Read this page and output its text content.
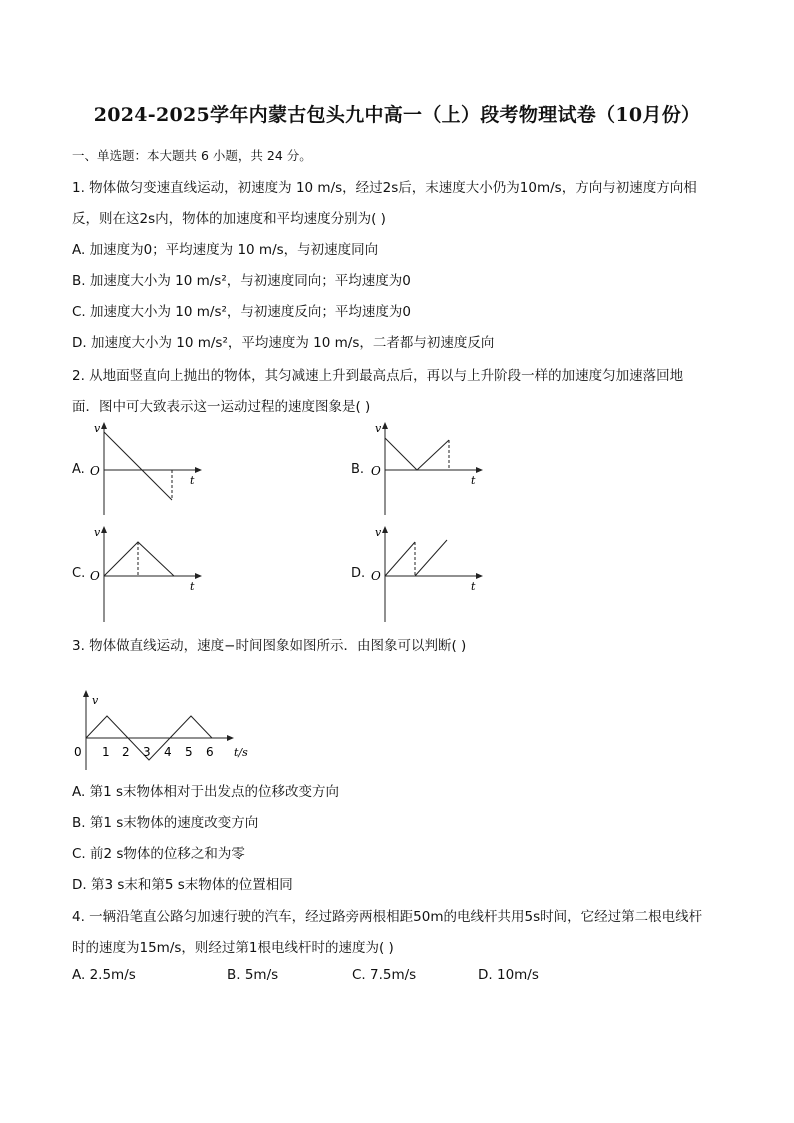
2024-2025学年内蒙古包头九中高一（上）段考物理试卷（10月份）
一、单选题：本大题共 6 小题，共 24 分。
1. 物体做匀变速直线运动，初速度为 10 m/s，经过2s后，末速度大小仍为10m/s，方向与初速度方向相
反，则在这2s内，物体的加速度和平均速度分别为( )
A. 加速度为0；平均速度为 10 m/s，与初速度同向
B. 加速度大小为 10 m/s²，与初速度同向；平均速度为0
C. 加速度大小为 10 m/s²，与初速度反向；平均速度为0
D. 加速度大小为 10 m/s²，平均速度为 10 m/s，二者都与初速度反向
2. 从地面竖直向上抛出的物体，其匀减速上升到最高点后，再以与上升阶段一样的加速度匀加速落回地
面．图中可大致表示这一运动过程的速度图象是( )
A.
v
t
O	B.
v
t
O
C.
v
t
O	D.
v
t
O
3. 物体做直线运动，速度−时间图象如图所示．由图象可以判断( )
v
0 1 2 3 4 5 6 t/s
A. 第1 s末物体相对于出发点的位移改变方向
B. 第1 s末物体的速度改变方向
C. 前2 s物体的位移之和为零
D. 第3 s末和第5 s末物体的位置相同
4. 一辆沿笔直公路匀加速行驶的汽车，经过路旁两根相距50m的电线杆共用5s时间，它经过第二根电线杆
时的速度为15m/s，则经过第1根电线杆时的速度为( )
A. 2.5m/s	B. 5m/s	C. 7.5m/s	D. 10m/s
